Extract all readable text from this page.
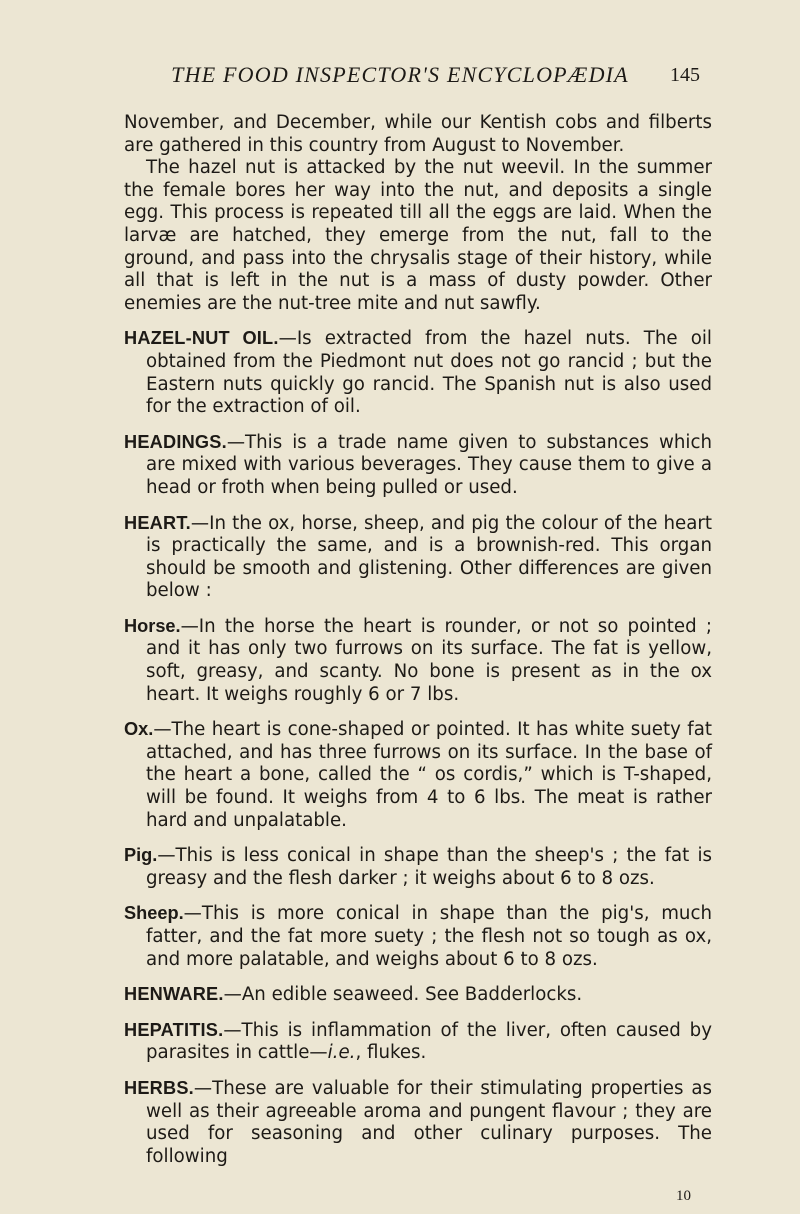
THE FOOD INSPECTOR'S ENCYCLOPÆDIA	145

November, and December, while our Kentish cobs and filberts are gathered in this country from August to November.

The hazel nut is attacked by the nut weevil. In the summer the female bores her way into the nut, and deposits a single egg. This process is repeated till all the eggs are laid. When the larvæ are hatched, they emerge from the nut, fall to the ground, and pass into the chrysalis stage of their history, while all that is left in the nut is a mass of dusty powder. Other enemies are the nut-tree mite and nut sawfly.

HAZEL-NUT OIL.—Is extracted from the hazel nuts. The oil obtained from the Piedmont nut does not go rancid ; but the Eastern nuts quickly go rancid. The Spanish nut is also used for the extraction of oil.

HEADINGS.—This is a trade name given to substances which are mixed with various beverages. They cause them to give a head or froth when being pulled or used.

HEART.—In the ox, horse, sheep, and pig the colour of the heart is practically the same, and is a brownish-red. This organ should be smooth and glistening. Other differences are given below :

Horse.—In the horse the heart is rounder, or not so pointed ; and it has only two furrows on its surface. The fat is yellow, soft, greasy, and scanty. No bone is present as in the ox heart. It weighs roughly 6 or 7 lbs.

Ox.—The heart is cone-shaped or pointed. It has white suety fat attached, and has three furrows on its surface. In the base of the heart a bone, called the “ os cordis,” which is T-shaped, will be found. It weighs from 4 to 6 lbs. The meat is rather hard and unpalatable.

Pig.—This is less conical in shape than the sheep's ; the fat is greasy and the flesh darker ; it weighs about 6 to 8 ozs.

Sheep.—This is more conical in shape than the pig's, much fatter, and the fat more suety ; the flesh not so tough as ox, and more palatable, and weighs about 6 to 8 ozs.

HENWARE.—An edible seaweed. See Badderlocks.

HEPATITIS.—This is inflammation of the liver, often caused by parasites in cattle—i.e., flukes.

HERBS.—These are valuable for their stimulating properties as well as their agreeable aroma and pungent flavour ; they are used for seasoning and other culinary purposes. The following

10
